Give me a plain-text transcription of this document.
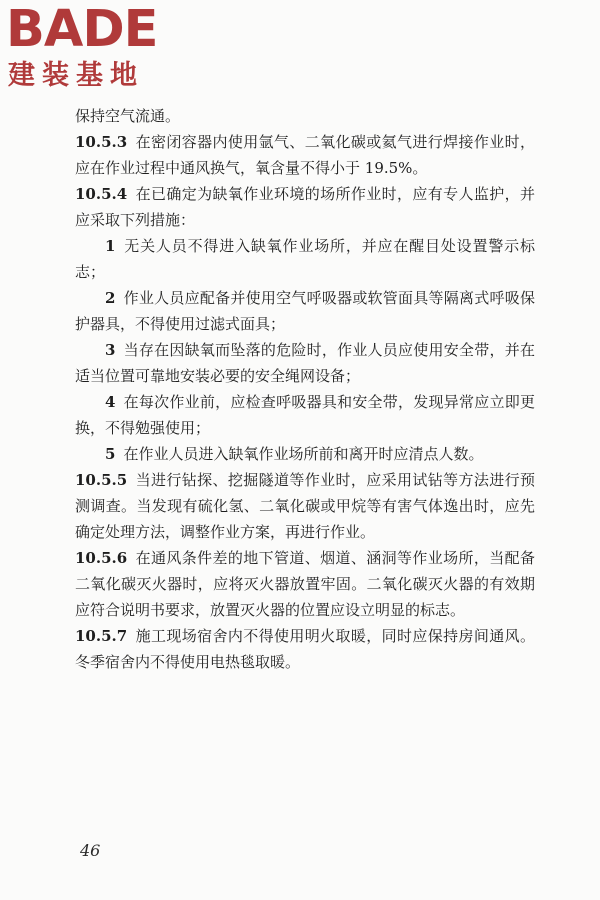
BADE
建装基地

保持空气流通。

10.5.3 在密闭容器内使用氩气、二氧化碳或氦气进行焊接作业时，应在作业过程中通风换气，氧含量不得小于 19.5%。

10.5.4 在已确定为缺氧作业环境的场所作业时，应有专人监护，并应采取下列措施：

1 无关人员不得进入缺氧作业场所，并应在醒目处设置警示标志；

2 作业人员应配备并使用空气呼吸器或软管面具等隔离式呼吸保护器具，不得使用过滤式面具；

3 当存在因缺氧而坠落的危险时，作业人员应使用安全带，并在适当位置可靠地安装必要的安全绳网设备；

4 在每次作业前，应检查呼吸器具和安全带，发现异常应立即更换，不得勉强使用；

5 在作业人员进入缺氧作业场所前和离开时应清点人数。

10.5.5 当进行钻探、挖掘隧道等作业时，应采用试钻等方法进行预测调查。当发现有硫化氢、二氧化碳或甲烷等有害气体逸出时，应先确定处理方法，调整作业方案，再进行作业。

10.5.6 在通风条件差的地下管道、烟道、涵洞等作业场所，当配备二氧化碳灭火器时，应将灭火器放置牢固。二氧化碳灭火器的有效期应符合说明书要求，放置灭火器的位置应设立明显的标志。

10.5.7 施工现场宿舍内不得使用明火取暖，同时应保持房间通风。冬季宿舍内不得使用电热毯取暖。

46
